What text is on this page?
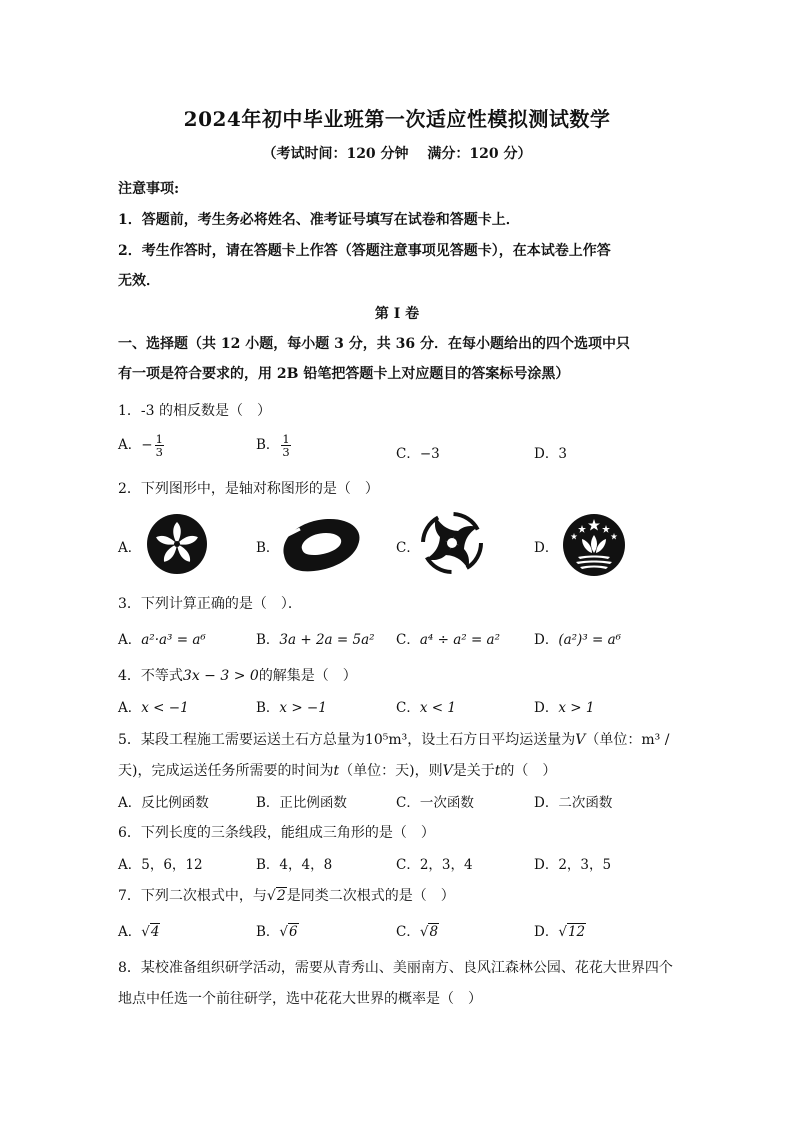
2024年初中毕业班第一次适应性模拟测试数学
（考试时间：120 分钟　 满分：120 分）
注意事项:
1．答题前，考生务必将姓名、准考证号填写在试卷和答题卡上．
2．考生作答时，请在答题卡上作答（答题注意事项见答题卡），在本试卷上作答
无效．
第 I 卷
一、选择题（共 12 小题，每小题 3 分，共 36 分．在每小题给出的四个选项中只
有一项是符合要求的，用 2B 铅笔把答题卡上对应题目的答案标号涂黑）
1．-3 的相反数是（　）
A．− $\frac{1}{3}$	B． $\frac{1}{3}$	C．−3	D．3
2．下列图形中，是轴对称图形的是（　）
A．	B．	C．	D．
3．下列计算正确的是（　）．
A．a²·a³ = a⁶	B．3a + 2a = 5a² C．a⁴ ÷ a² = a²	D．(a²)³ = a⁶
4．不等式3x − 3 > 0的解集是（　）
A．x < −1	B．x > −1	C．x < 1	D．x > 1
5．某段工程施工需要运送土石方总量为10⁵m³，设土石方日平均运送量为V（单位：m³ /
天)，完成运送任务所需要的时间为t（单位：天)，则V是关于t的（　）
A．反比例函数	B．正比例函数	C．一次函数	D．二次函数
6．下列长度的三条线段，能组成三角形的是（　）
A．5，6，12	B．4，4，8	C．2，3，4	D．2，3，5
7．下列二次根式中，与√2是同类二次根式的是（　）
A．√4	B．√6	C．√8	D．√12
8．某校准备组织研学活动，需要从青秀山、美丽南方、良风江森林公园、花花大世界四个
地点中任选一个前往研学，选中花花大世界的概率是（　）
